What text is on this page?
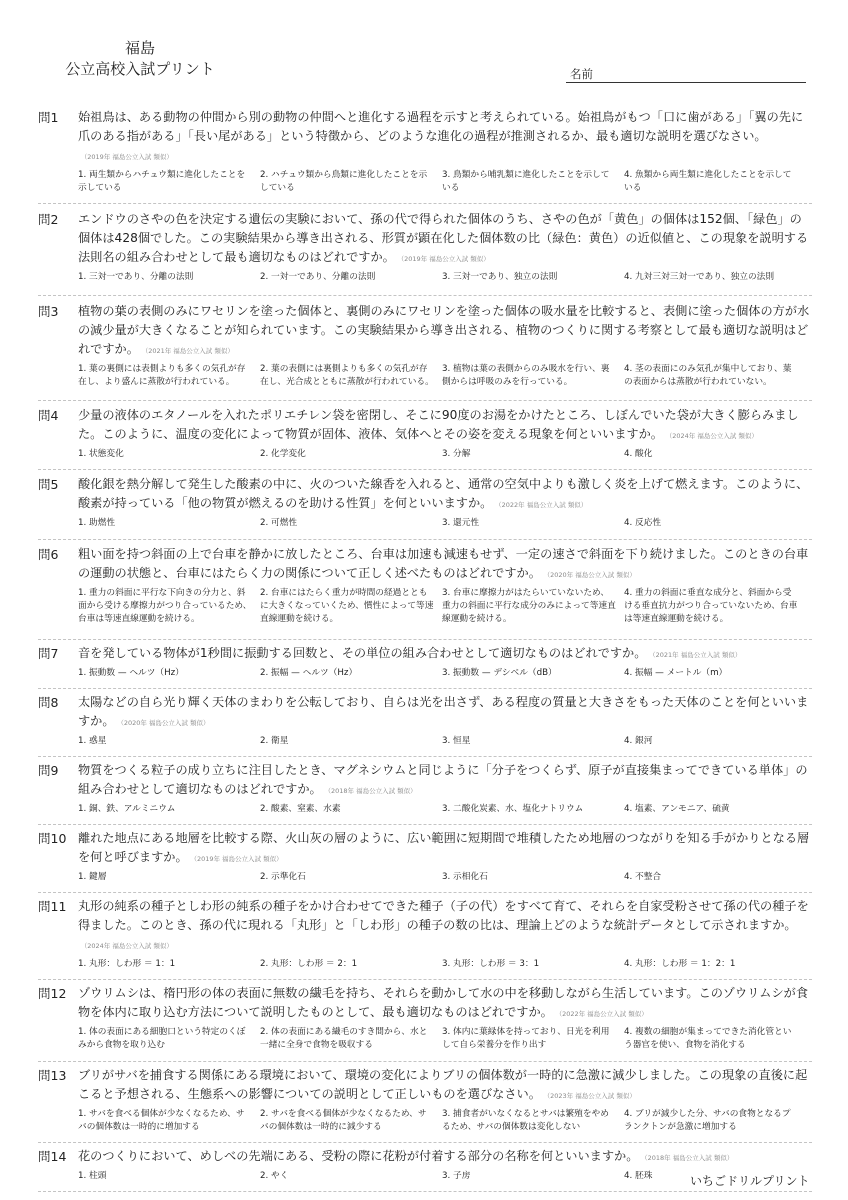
福島
公立高校入試プリント	名前
問1 始祖鳥は、ある動物の仲間から別の動物の仲間へと進化する過程を示すと考えられている。始祖鳥がもつ「口に歯がある」「翼の先に爪のある指がある」「長い尾がある」という特徴から、どのような進化の過程が推測されるか、最も適切な説明を選びなさい。（2019年 福島公立入試 類似）
1. 両生類からハチュウ類に進化したことを示している
2. ハチュウ類から鳥類に進化したことを示している
3. 鳥類から哺乳類に進化したことを示している
4. 魚類から両生類に進化したことを示している
問2 エンドウのさやの色を決定する遺伝の実験において、孫の代で得られた個体のうち、さやの色が「黄色」の個体は152個、「緑色」の個体は428個でした。この実験結果から導き出される、形質が顕在化した個体数の比（緑色：黄色）の近似値と、この現象を説明する法則名の組み合わせとして最も適切なものはどれですか。 （2019年 福島公立入試 類似）
1. 三対一であり、分離の法則	2. 一対一であり、分離の法則	3. 三対一であり、独立の法則	4. 九対三対三対一であり、独立の法則
問3 植物の葉の表側のみにワセリンを塗った個体と、裏側のみにワセリンを塗った個体の吸水量を比較すると、表側に塗った個体の方が水の減少量が大きくなることが知られています。この実験結果から導き出される、植物のつくりに関する考察として最も適切な説明はどれですか。 （2021年 福島公立入試 類似）
1. 葉の裏側には表側よりも多くの気孔が存在し、より盛んに蒸散が行われている。
2. 葉の表側には裏側よりも多くの気孔が存在し、光合成とともに蒸散が行われている。
3. 植物は葉の表側からのみ吸水を行い、裏側からは呼吸のみを行っている。
4. 茎の表面にのみ気孔が集中しており、葉の表面からは蒸散が行われていない。
問4 少量の液体のエタノールを入れたポリエチレン袋を密閉し、そこに90度のお湯をかけたところ、しぼんでいた袋が大きく膨らみました。このように、温度の変化によって物質が固体、液体、気体へとその姿を変える現象を何といいますか。 （2024年 福島公立入試 類似）
1. 状態変化	2. 化学変化	3. 分解	4. 酸化
問5 酸化銀を熱分解して発生した酸素の中に、火のついた線香を入れると、通常の空気中よりも激しく炎を上げて燃えます。このように、酸素が持っている「他の物質が燃えるのを助ける性質」を何といいますか。 （2022年 福島公立入試 類似）
1. 助燃性	2. 可燃性	3. 還元性	4. 反応性
問6 粗い面を持つ斜面の上で台車を静かに放したところ、台車は加速も減速もせず、一定の速さで斜面を下り続けました。このときの台車の運動の状態と、台車にはたらく力の関係について正しく述べたものはどれですか。 （2020年 福島公立入試 類似）
1. 重力の斜面に平行な下向きの分力と、斜面から受ける摩擦力がつり合っているため、台車は等速直線運動を続ける。
2. 台車にはたらく重力が時間の経過とともに大きくなっていくため、慣性によって等速直線運動を続ける。
3. 台車に摩擦力がはたらいていないため、重力の斜面に平行な成分のみによって等速直線運動を続ける。
4. 重力の斜面に垂直な成分と、斜面から受ける垂直抗力がつり合っていないため、台車は等速直線運動を続ける。
問7 音を発している物体が1秒間に振動する回数と、その単位の組み合わせとして適切なものはどれですか。 （2021年 福島公立入試 類似）
1. 振動数 — ヘルツ（Hz）	2. 振幅 — ヘルツ（Hz）	3. 振動数 — デシベル（dB）	4. 振幅 — メートル（m）
問8 太陽などの自ら光り輝く天体のまわりを公転しており、自らは光を出さず、ある程度の質量と大きさをもった天体のことを何といいますか。 （2020年 福島公立入試 類似）
1. 惑星	2. 衛星	3. 恒星	4. 銀河
問9 物質をつくる粒子の成り立ちに注目したとき、マグネシウムと同じように「分子をつくらず、原子が直接集まってできている単体」の組み合わせとして適切なものはどれですか。 （2018年 福島公立入試 類似）
1. 銅、鉄、アルミニウム	2. 酸素、窒素、水素	3. 二酸化炭素、水、塩化ナトリウム	4. 塩素、アンモニア、硫黄
問10 離れた地点にある地層を比較する際、火山灰の層のように、広い範囲に短期間で堆積したため地層のつながりを知る手がかりとなる層を何と呼びますか。 （2019年 福島公立入試 類似）
1. 鍵層	2. 示準化石	3. 示相化石	4. 不整合
問11 丸形の純系の種子としわ形の純系の種子をかけ合わせてできた種子（子の代）をすべて育て、それらを自家受粉させて孫の代の種子を得ました。このとき、孫の代に現れる「丸形」と「しわ形」の種子の数の比は、理論上どのような統計データとして示されますか。（2024年 福島公立入試 類似）
1. 丸形：しわ形 ＝ 1：1	2. 丸形：しわ形 ＝ 2：1	3. 丸形：しわ形 ＝ 3：1	4. 丸形：しわ形 ＝ 1：2：1
問12 ゾウリムシは、楕円形の体の表面に無数の繊毛を持ち、それらを動かして水の中を移動しながら生活しています。このゾウリムシが食物を体内に取り込む方法について説明したものとして、最も適切なものはどれですか。 （2022年 福島公立入試 類似）
1. 体の表面にある細胞口という特定のくぼみから食物を取り込む
2. 体の表面にある繊毛のすき間から、水と一緒に全身で食物を吸収する
3. 体内に葉緑体を持っており、日光を利用して自ら栄養分を作り出す
4. 複数の細胞が集まってできた消化管という器官を使い、食物を消化する
問13 ブリがサバを捕食する関係にある環境において、環境の変化によりブリの個体数が一時的に急激に減少しました。この現象の直後に起こると予想される、生態系への影響についての説明として正しいものを選びなさい。 （2023年 福島公立入試 類似）
1. サバを食べる個体が少なくなるため、サバの個体数は一時的に増加する
2. サバを食べる個体が少なくなるため、サバの個体数は一時的に減少する
3. 捕食者がいなくなるとサバは繁殖をやめるため、サバの個体数は変化しない
4. ブリが減少した分、サバの食物となるプランクトンが急激に増加する
問14 花のつくりにおいて、めしべの先端にある、受粉の際に花粉が付着する部分の名称を何といいますか。 （2018年 福島公立入試 類似）
1. 柱頭	2. やく	3. 子房	4. 胚珠	いちごドリルプリント
